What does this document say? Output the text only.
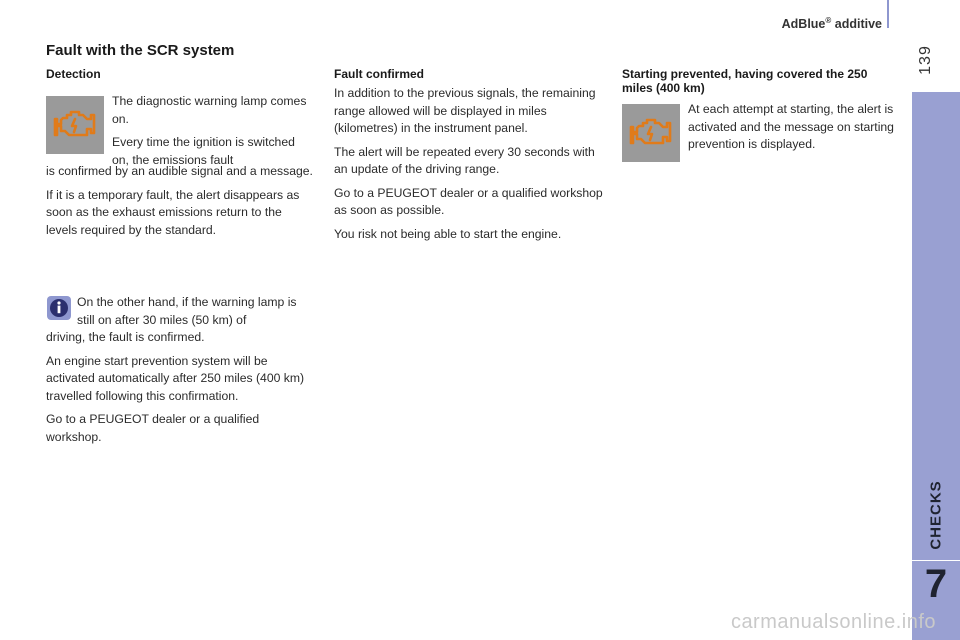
AdBlue® additive
139
CHECKS
7
Fault with the SCR system
Detection

The diagnostic warning lamp comes on.

Every time the ignition is switched on, the emissions fault

is confirmed by an audible signal and a message.

If it is a temporary fault, the alert disappears as soon as the exhaust emissions return to the levels required by the standard.

On the other hand, if the warning lamp is still on after 30 miles (50 km) of

driving, the fault is confirmed.

An engine start prevention system will be activated automatically after 250 miles (400 km) travelled following this confirmation.

Go to a PEUGEOT dealer or a qualified workshop.

Fault confirmed

In addition to the previous signals, the remaining range allowed will be displayed in miles (kilometres) in the instrument panel.

The alert will be repeated every 30 seconds with an update of the driving range.

Go to a PEUGEOT dealer or a qualified workshop as soon as possible.

You risk not being able to start the engine.

Starting prevented, having covered the 250 miles (400 km)

At each attempt at starting, the alert is activated and the message on starting prevention is displayed.

carmanualsonline.info
